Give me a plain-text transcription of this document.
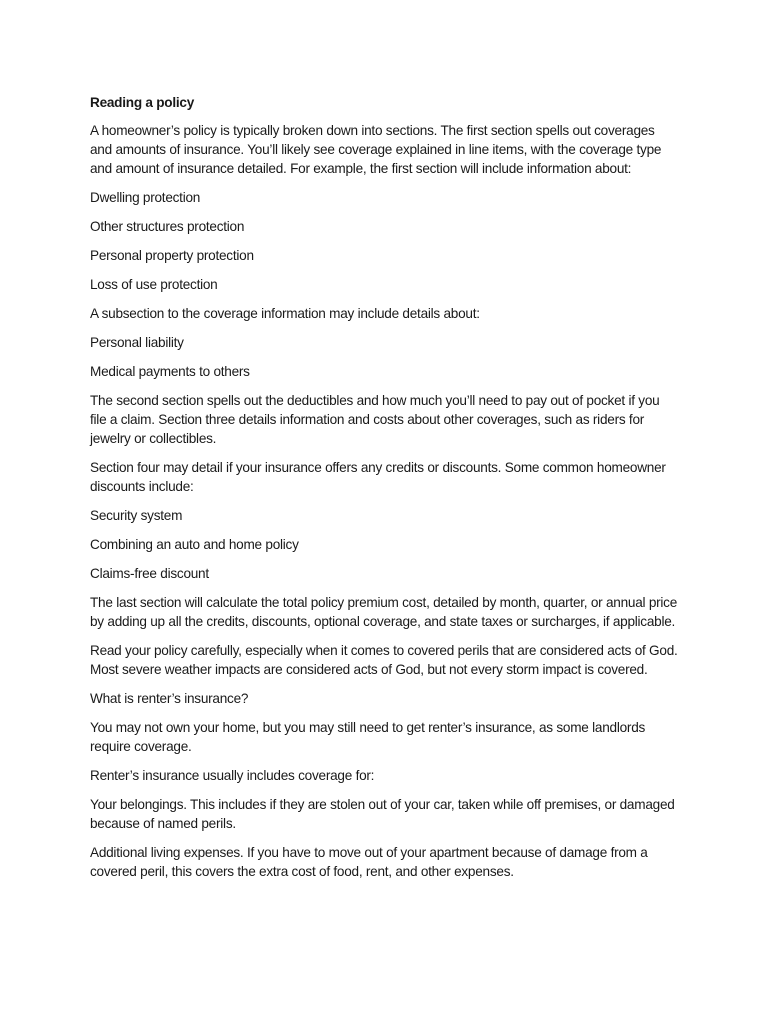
Reading a policy
A homeowner’s policy is typically broken down into sections. The first section spells out coverages and amounts of insurance. You’ll likely see coverage explained in line items, with the coverage type and amount of insurance detailed. For example, the first section will include information about:
Dwelling protection
Other structures protection
Personal property protection
Loss of use protection
A subsection to the coverage information may include details about:
Personal liability
Medical payments to others
The second section spells out the deductibles and how much you’ll need to pay out of pocket if you file a claim. Section three details information and costs about other coverages, such as riders for jewelry or collectibles.
Section four may detail if your insurance offers any credits or discounts. Some common homeowner discounts include:
Security system
Combining an auto and home policy
Claims-free discount
The last section will calculate the total policy premium cost, detailed by month, quarter, or annual price by adding up all the credits, discounts, optional coverage, and state taxes or surcharges, if applicable.
Read your policy carefully, especially when it comes to covered perils that are considered acts of God. Most severe weather impacts are considered acts of God, but not every storm impact is covered.
What is renter’s insurance?
You may not own your home, but you may still need to get renter’s insurance, as some landlords require coverage.
Renter’s insurance usually includes coverage for:
Your belongings. This includes if they are stolen out of your car, taken while off premises, or damaged because of named perils.
Additional living expenses. If you have to move out of your apartment because of damage from a covered peril, this covers the extra cost of food, rent, and other expenses.
